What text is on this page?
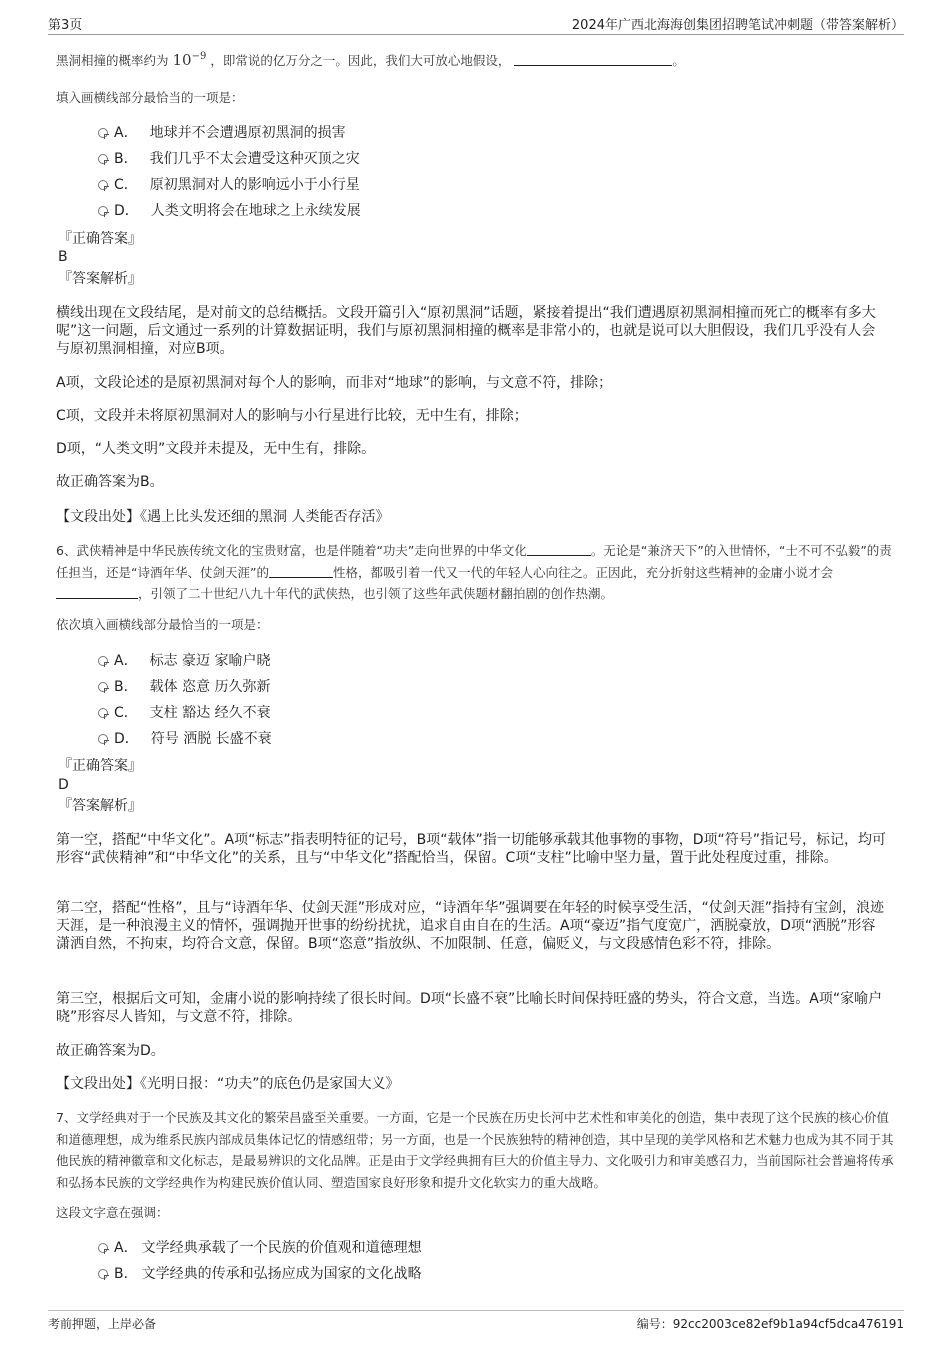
第3页	2024年广西北海海创集团招聘笔试冲刺题（带答案解析）
黑洞相撞的概率约为 $10^{-9}$ ，即常说的亿万分之一。因此，我们大可放心地假设，	。
填入画横线部分最恰当的一项是：
A． 地球并不会遭遇原初黑洞的损害
B． 我们几乎不太会遭受这种灭顶之灾
C． 原初黑洞对人的影响远小于小行星
D． 人类文明将会在地球之上永续发展
『正确答案』
B
『答案解析』
横线出现在文段结尾，是对前文的总结概括。文段开篇引入“原初黑洞”话题，紧接着提出“我们遭遇原初黑洞相撞而死亡的概率有多大呢”这一问题，后文通过一系列的计算数据证明，我们与原初黑洞相撞的概率是非常小的，也就是说可以大胆假设，我们几乎没有人会与原初黑洞相撞，对应B项。
A项，文段论述的是原初黑洞对每个人的影响，而非对“地球”的影响，与文意不符，排除；
C项，文段并未将原初黑洞对人的影响与小行星进行比较，无中生有，排除；
D项，“人类文明”文段并未提及，无中生有，排除。
故正确答案为B。
【文段出处】《遇上比头发还细的黑洞 人类能否存活》
6、武侠精神是中华民族传统文化的宝贵财富，也是伴随着“功夫”走向世界的中华文化	。无论是“兼济天下”的入世情怀，“士不可不弘毅”的责任担当，还是“诗酒年华、仗剑天涯”的	性格，都吸引着一代又一代的年轻人心向往之。正因此，充分折射这些精神的金庸小说才会，引领了二十世纪八九十年代的武侠热，也引领了这些年武侠题材翻拍剧的创作热潮。
依次填入画横线部分最恰当的一项是：
A． 标志 豪迈 家喻户晓
B． 载体 恣意 历久弥新
C． 支柱 豁达 经久不衰
D． 符号 洒脱 长盛不衰
『正确答案』
D
『答案解析』
第一空，搭配“中华文化”。A项“标志”指表明特征的记号，B项“载体”指一切能够承载其他事物的事物，D项“符号”指记号，标记，均可形容“武侠精神”和“中华文化”的关系，且与“中华文化”搭配恰当，保留。C项“支柱”比喻中坚力量，置于此处程度过重，排除。
第二空，搭配“性格”，且与“诗酒年华、仗剑天涯”形成对应，“诗酒年华”强调要在年轻的时候享受生活，“仗剑天涯”指持有宝剑，浪迹天涯，是一种浪漫主义的情怀，强调抛开世事的纷纷扰扰，追求自由自在的生活。A项“豪迈”指气度宽广，洒脱豪放，D项“洒脱”形容潇洒自然，不拘束，均符合文意，保留。B项“恣意”指放纵、不加限制、任意，偏贬义，与文段感情色彩不符，排除。
第三空，根据后文可知，金庸小说的影响持续了很长时间。D项“长盛不衰”比喻长时间保持旺盛的势头，符合文意，当选。A项“家喻户晓”形容尽人皆知，与文意不符，排除。
故正确答案为D。
【文段出处】《光明日报：“功夫”的底色仍是家国大义》
7、文学经典对于一个民族及其文化的繁荣昌盛至关重要。一方面，它是一个民族在历史长河中艺术性和审美化的创造，集中表现了这个民族的核心价值和道德理想，成为维系民族内部成员集体记忆的情感纽带；另一方面，也是一个民族独特的精神创造，其中呈现的美学风格和艺术魅力也成为其不同于其他民族的精神徽章和文化标志，是最易辨识的文化品牌。正是由于文学经典拥有巨大的价值主导力、文化吸引力和审美感召力，当前国际社会普遍将传承和弘扬本民族的文学经典作为构建民族价值认同、塑造国家良好形象和提升文化软实力的重大战略。
这段文字意在强调：
A． 文学经典承载了一个民族的价值观和道德理想
B． 文学经典的传承和弘扬应成为国家的文化战略
考前押题，上岸必备	编号：92cc2003ce82ef9b1a94cf5dca476191
